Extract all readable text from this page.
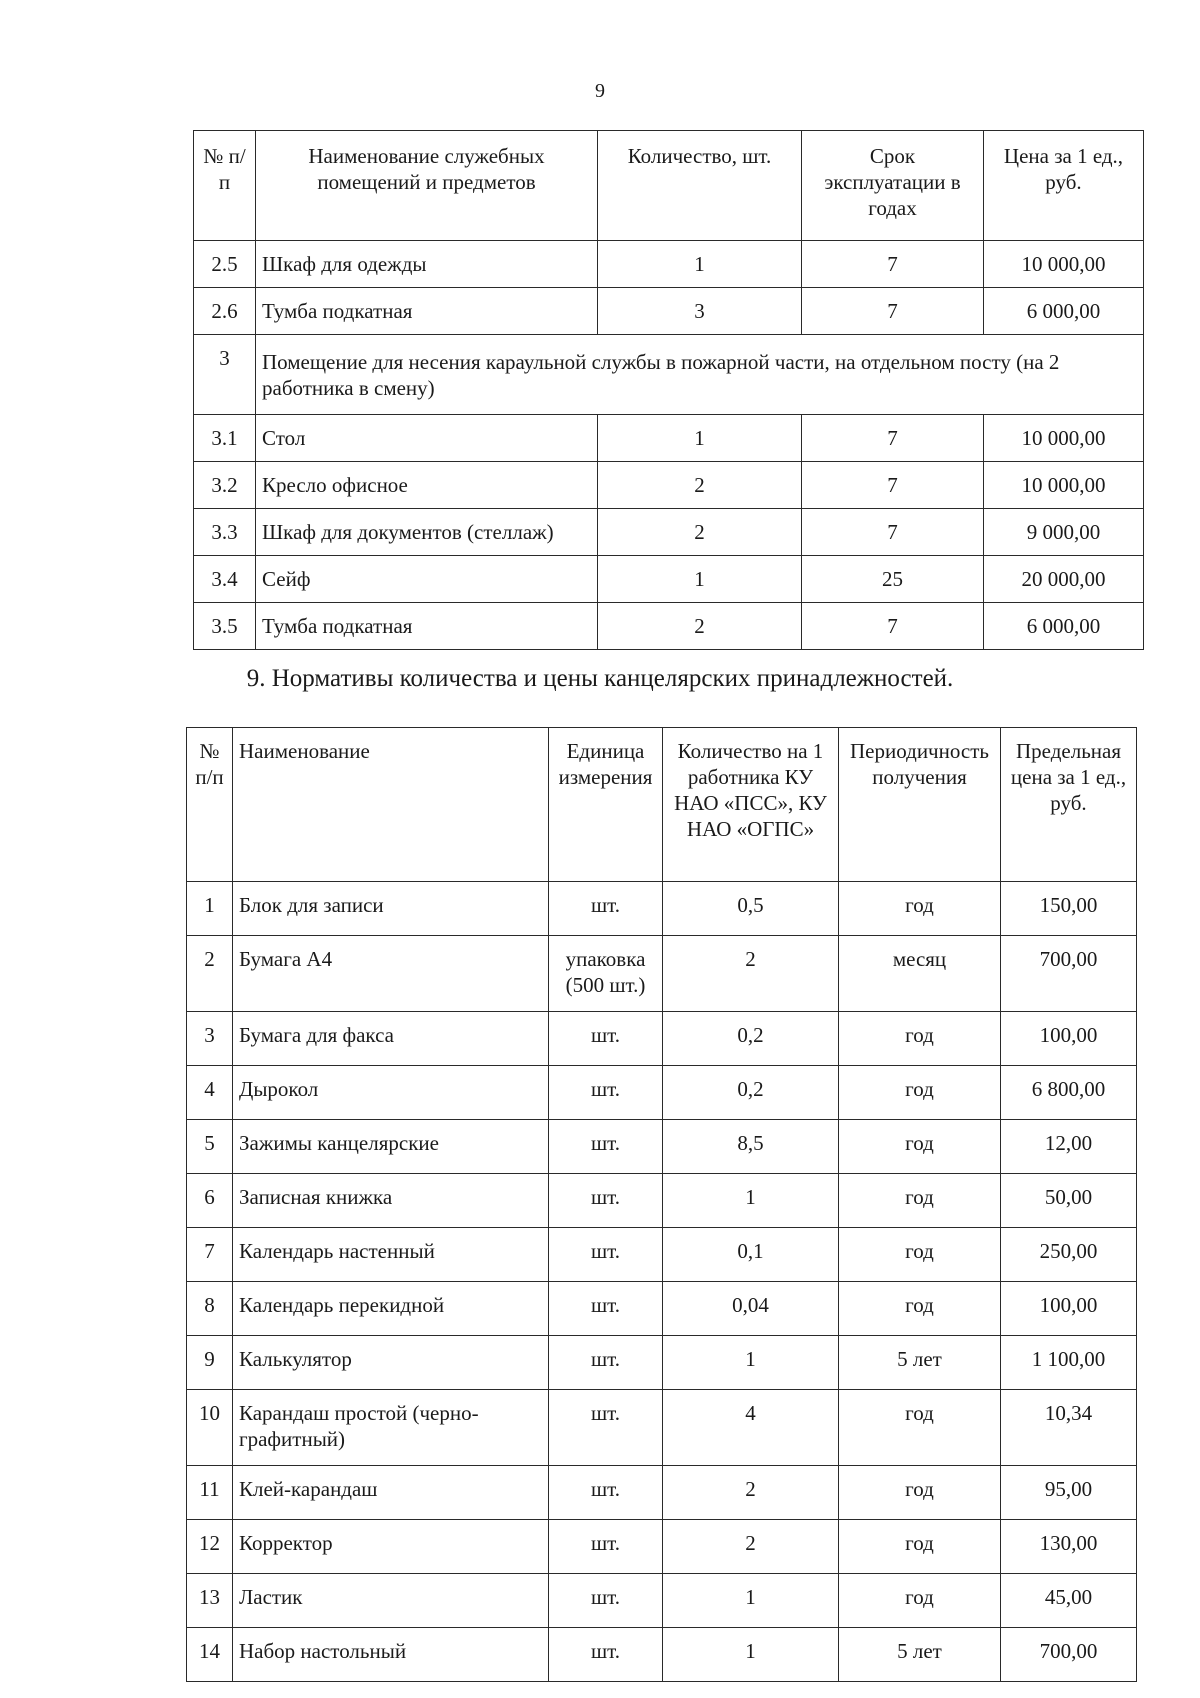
9
№ п/п	Наименование служебных помещений и предметов	Количество, шт.	Срок эксплуатации в годах	Цена за 1 ед., руб.
2.5	Шкаф для одежды	1	7	10 000,00
2.6	Тумба подкатная	3	7	6 000,00
3	Помещение для несения караульной службы в пожарной части, на отдельном посту (на 2 работника в смену)			
3.1	Стол	1	7	10 000,00
3.2	Кресло офисное	2	7	10 000,00
3.3	Шкаф для документов (стеллаж)	2	7	9 000,00
3.4	Сейф	1	25	20 000,00
3.5	Тумба подкатная	2	7	6 000,00
9. Нормативы количества и цены канцелярских принадлежностей.
№ п/п	Наименование	Единица измерения	Количество на 1 работника КУ НАО «ПСС», КУ НАО «ОГПС»	Периодичность получения	Предельная цена за 1 ед., руб.
1	Блок для записи	шт.	0,5	год	150,00
2	Бумага А4	упаковка (500 шт.)	2	месяц	700,00
3	Бумага для факса	шт.	0,2	год	100,00
4	Дырокол	шт.	0,2	год	6 800,00
5	Зажимы канцелярские	шт.	8,5	год	12,00
6	Записная книжка	шт.	1	год	50,00
7	Календарь настенный	шт.	0,1	год	250,00
8	Календарь перекидной	шт.	0,04	год	100,00
9	Калькулятор	шт.	1	5 лет	1 100,00
10	Карандаш простой (черно-графитный)	шт.	4	год	10,34
11	Клей-карандаш	шт.	2	год	95,00
12	Корректор	шт.	2	год	130,00
13	Ластик	шт.	1	год	45,00
14	Набор настольный	шт.	1	5 лет	700,00
